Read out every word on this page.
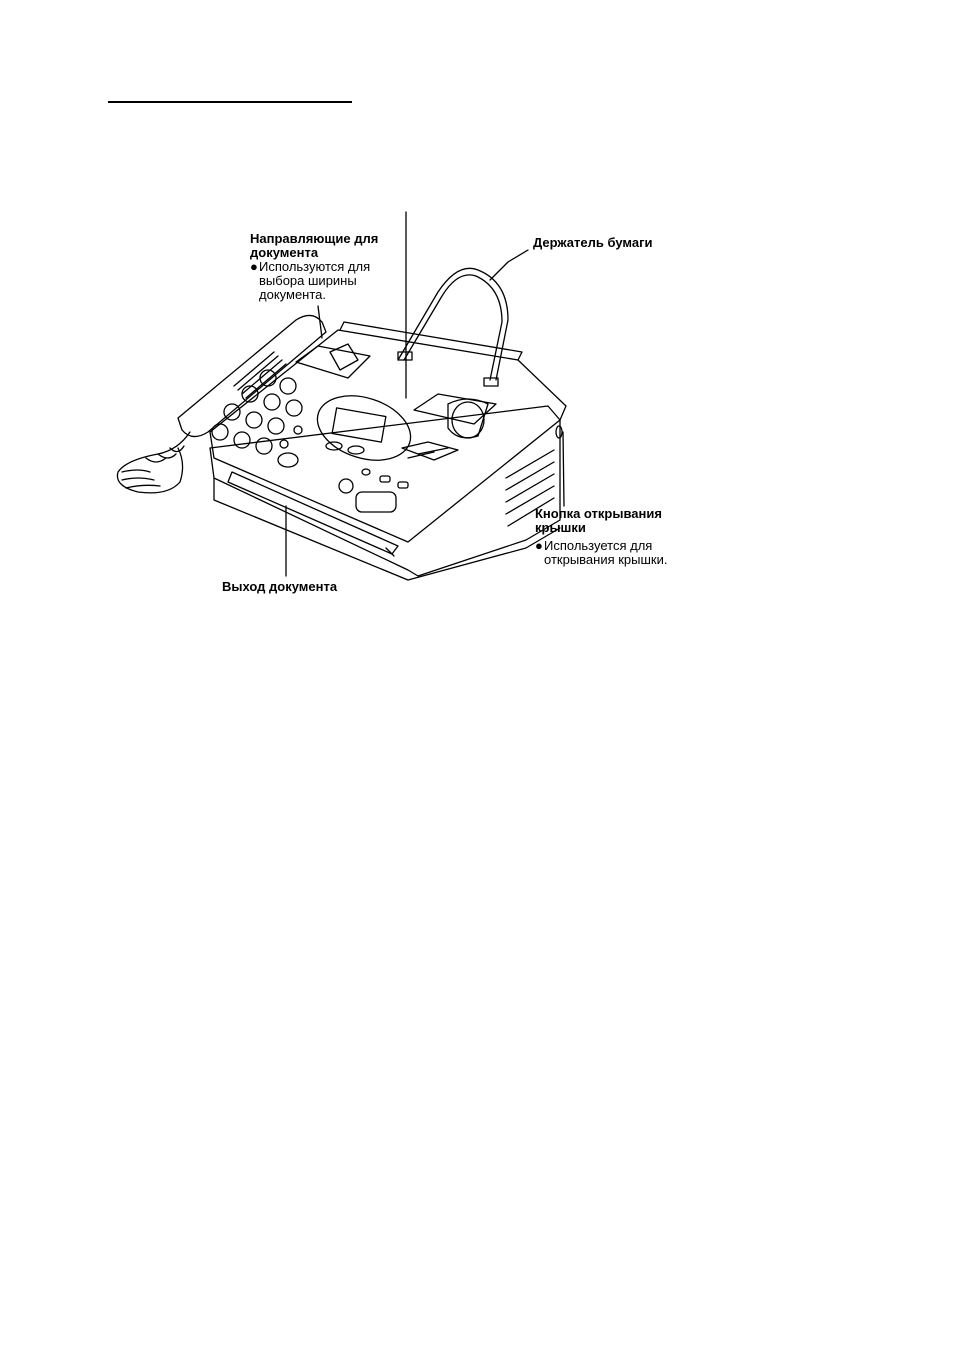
Направляющие для
документа
●Используются для
выбора ширины
документа.
Держатель бумаги
Кнопка открывания
крышки
●Используется для
открывания крышки.
Выход документа
